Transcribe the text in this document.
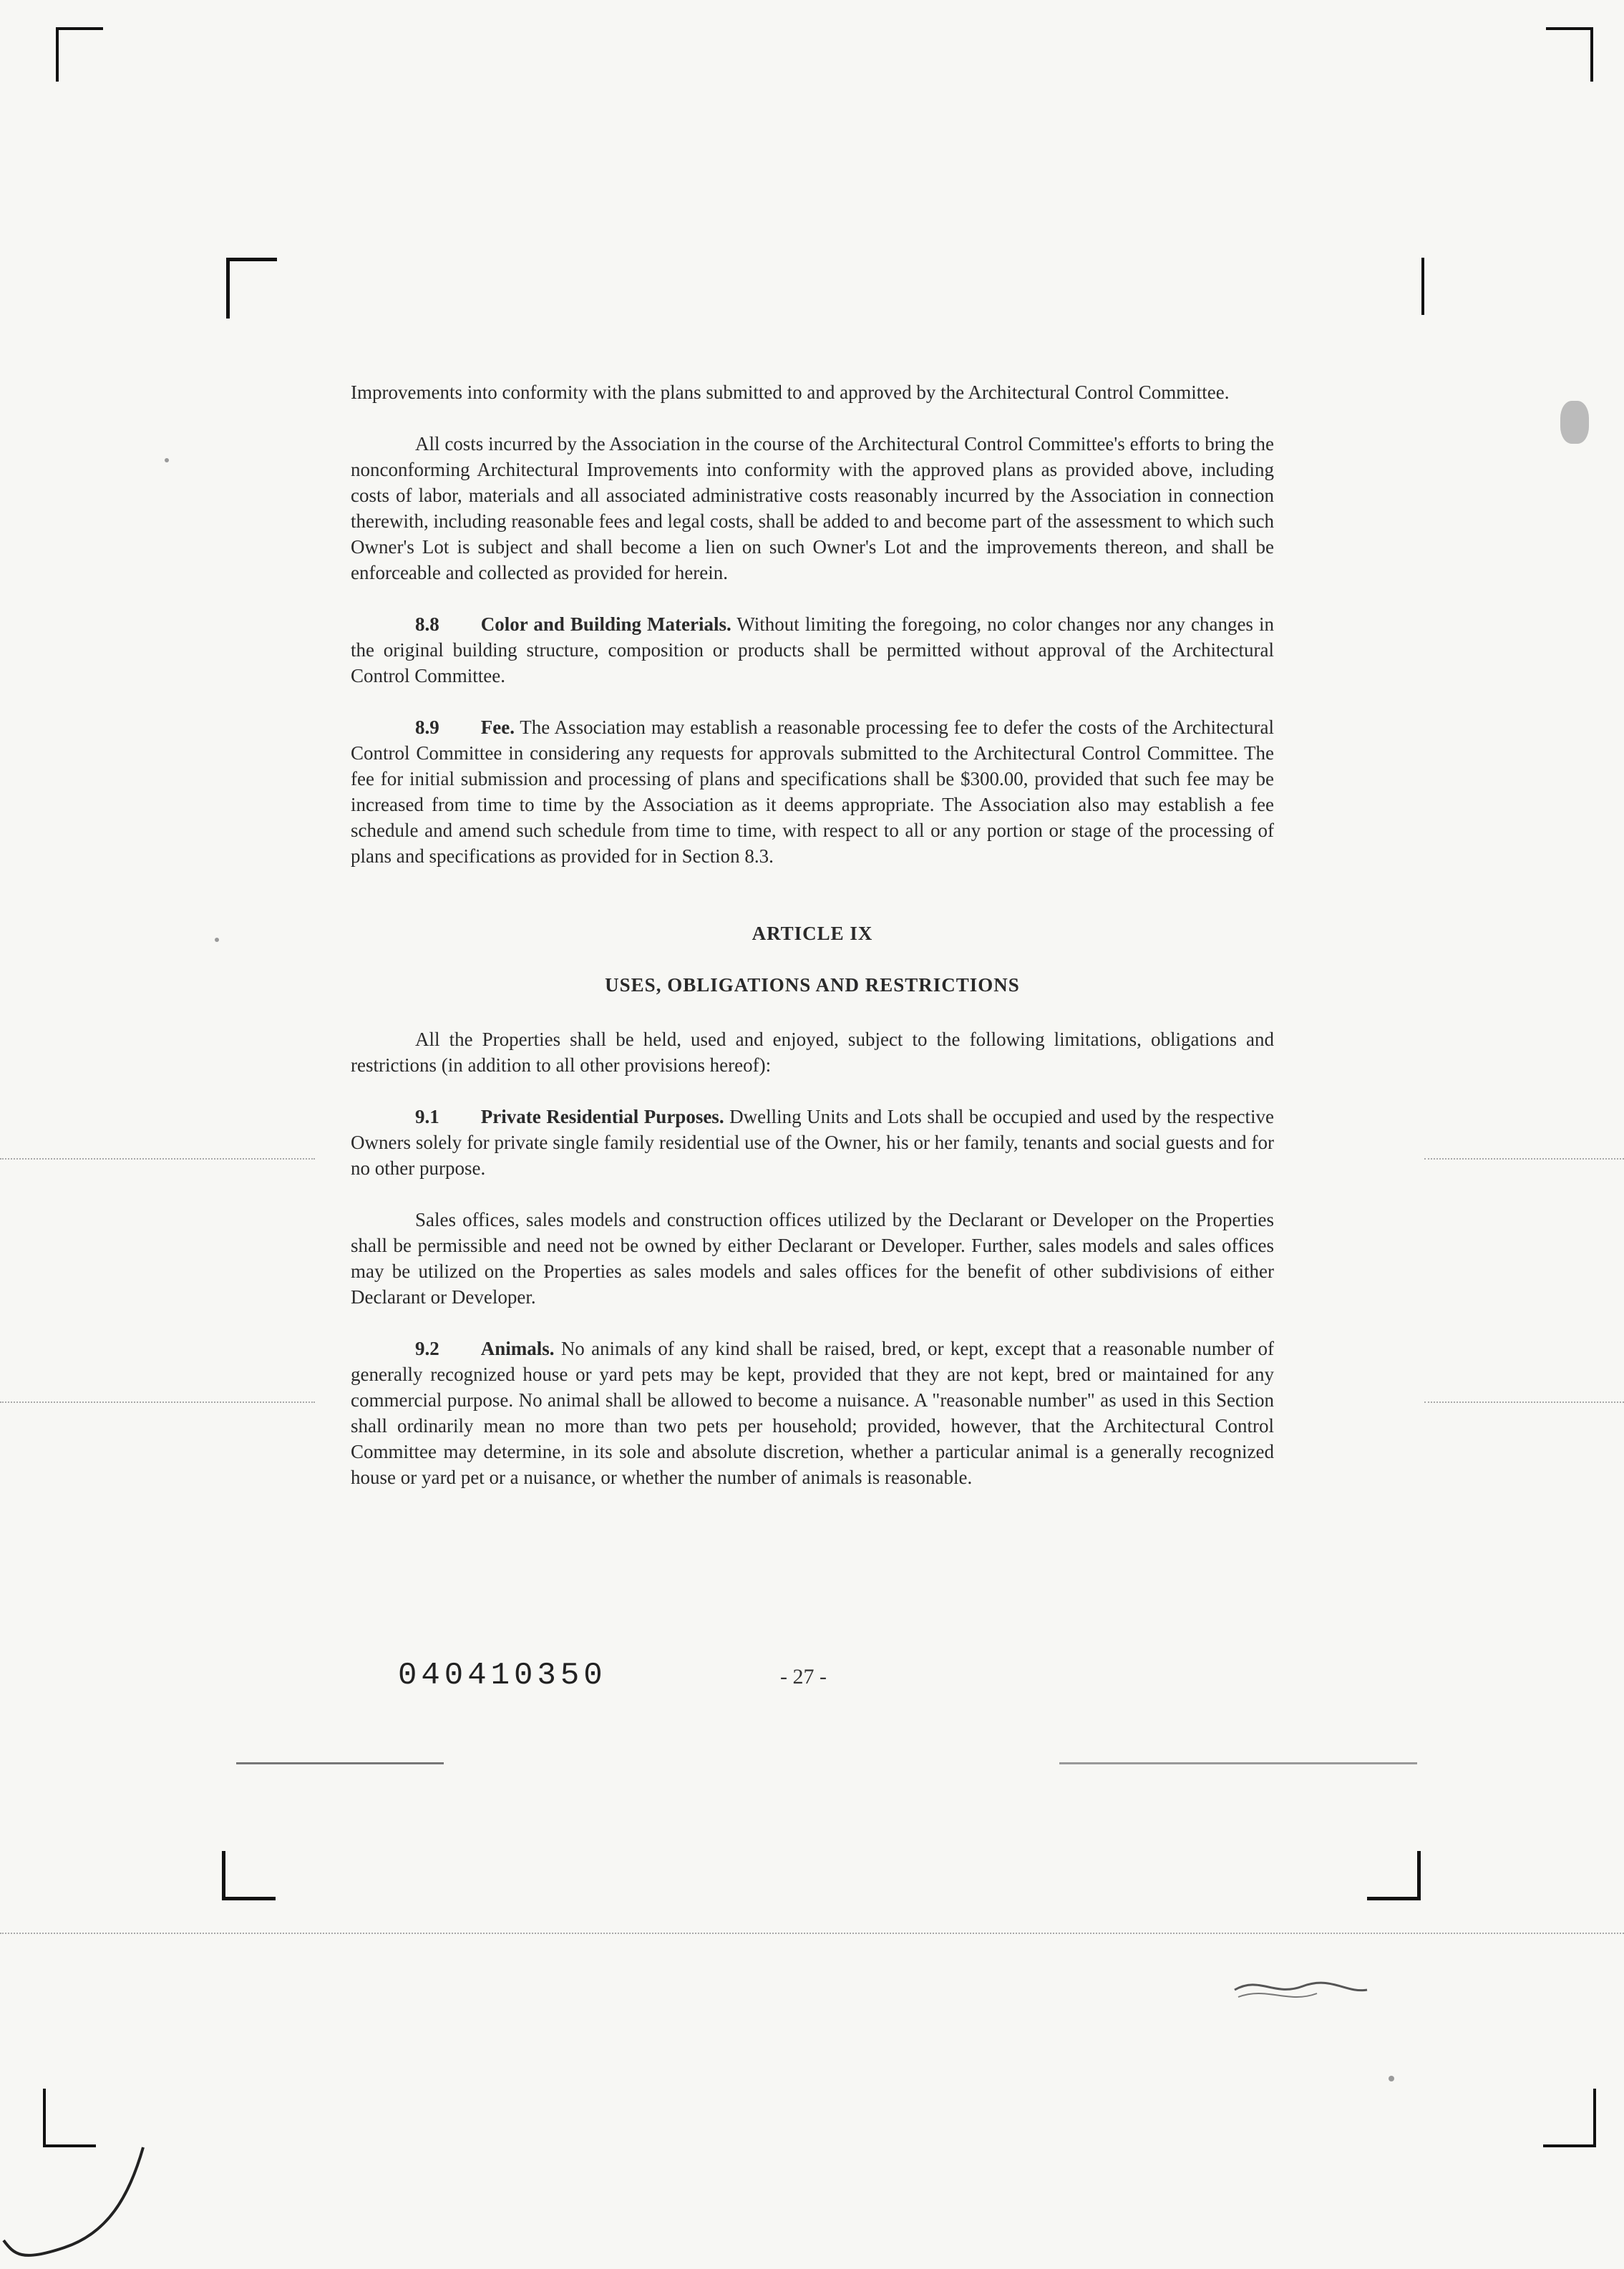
Improvements into conformity with the plans submitted to and approved by the Architectural Control Committee.

All costs incurred by the Association in the course of the Architectural Control Committee's efforts to bring the nonconforming Architectural Improvements into conformity with the approved plans as provided above, including costs of labor, materials and all associated administrative costs reasonably incurred by the Association in connection therewith, including reasonable fees and legal costs, shall be added to and become part of the assessment to which such Owner's Lot is subject and shall become a lien on such Owner's Lot and the improvements thereon, and shall be enforceable and collected as provided for herein.

8.8 Color and Building Materials. Without limiting the foregoing, no color changes nor any changes in the original building structure, composition or products shall be permitted without approval of the Architectural Control Committee.

8.9 Fee. The Association may establish a reasonable processing fee to defer the costs of the Architectural Control Committee in considering any requests for approvals submitted to the Architectural Control Committee. The fee for initial submission and processing of plans and specifications shall be $300.00, provided that such fee may be increased from time to time by the Association as it deems appropriate. The Association also may establish a fee schedule and amend such schedule from time to time, with respect to all or any portion or stage of the processing of plans and specifications as provided for in Section 8.3.

ARTICLE IX

USES, OBLIGATIONS AND RESTRICTIONS

All the Properties shall be held, used and enjoyed, subject to the following limitations, obligations and restrictions (in addition to all other provisions hereof):

9.1 Private Residential Purposes. Dwelling Units and Lots shall be occupied and used by the respective Owners solely for private single family residential use of the Owner, his or her family, tenants and social guests and for no other purpose.

Sales offices, sales models and construction offices utilized by the Declarant or Developer on the Properties shall be permissible and need not be owned by either Declarant or Developer. Further, sales models and sales offices may be utilized on the Properties as sales models and sales offices for the benefit of other subdivisions of either Declarant or Developer.

9.2 Animals. No animals of any kind shall be raised, bred, or kept, except that a reasonable number of generally recognized house or yard pets may be kept, provided that they are not kept, bred or maintained for any commercial purpose. No animal shall be allowed to become a nuisance. A "reasonable number" as used in this Section shall ordinarily mean no more than two pets per household; provided, however, that the Architectural Control Committee may determine, in its sole and absolute discretion, whether a particular animal is a generally recognized house or yard pet or a nuisance, or whether the number of animals is reasonable.

040410350	- 27 -
